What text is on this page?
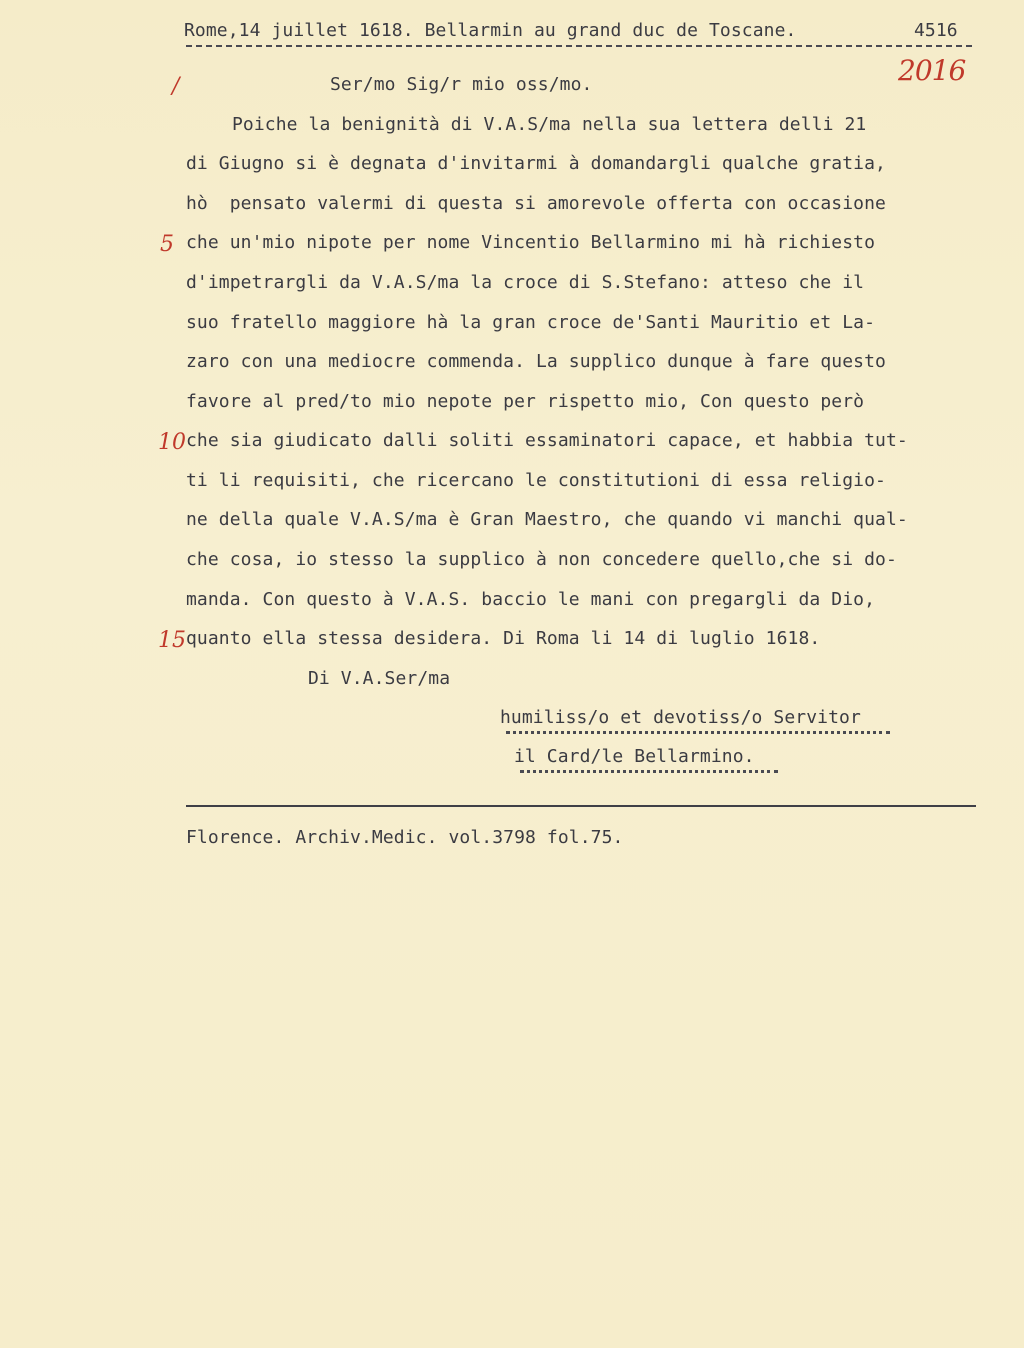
Rome,14 juillet 1618. Bellarmin au grand duc de Toscane.	4516
2016
/
5
10
15
Ser/mo Sig/r mio oss/mo.
Poiche la benignità di V.A.S/ma nella sua lettera delli 21
di Giugno si è degnata d'invitarmi à domandargli qualche gratia,
hò  pensato valermi di questa si amorevole offerta con occasione
che un'mio nipote per nome Vincentio Bellarmino mi hà richiesto
d'impetrargli da V.A.S/ma la croce di S.Stefano: atteso che il
suo fratello maggiore hà la gran croce de'Santi Mauritio et La-
zaro con una mediocre commenda. La supplico dunque à fare questo
favore al pred/to mio nepote per rispetto mio, Con questo però
che sia giudicato dalli soliti essaminatori capace, et habbia tut-
ti li requisiti, che ricercano le constitutioni di essa religio-
ne della quale V.A.S/ma è Gran Maestro, che quando vi manchi qual-
che cosa, io stesso la supplico à non concedere quello,che si do-
manda. Con questo à V.A.S. baccio le mani con pregargli da Dio,
quanto ella stessa desidera. Di Roma li 14 di luglio 1618.
Di V.A.Ser/ma
humiliss/o et devotiss/o Servitor
il Card/le Bellarmino.
Florence. Archiv.Medic. vol.3798 fol.75.
